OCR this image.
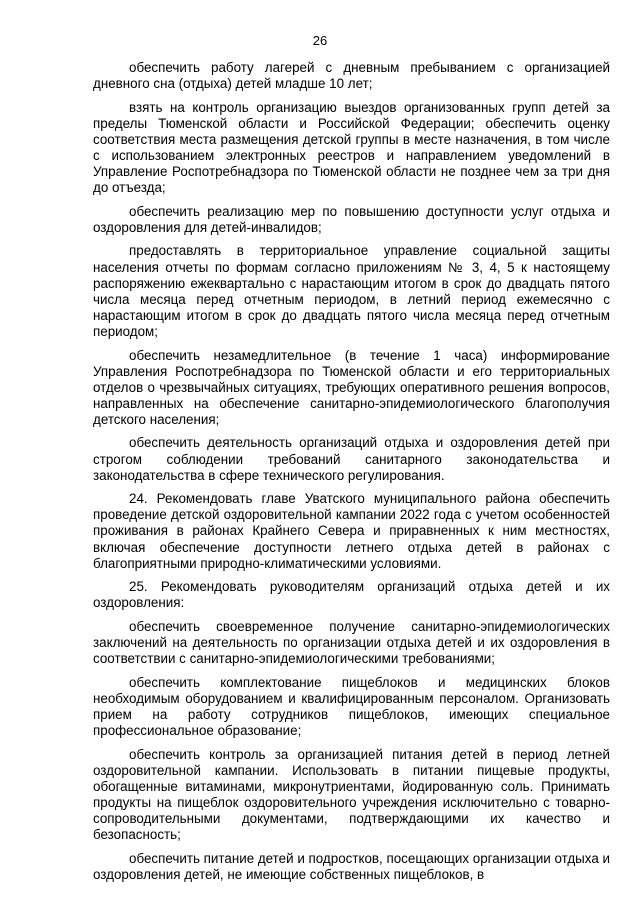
26

обеспечить работу лагерей с дневным пребыванием с организацией дневного сна (отдыха) детей младше 10 лет;

взять на контроль организацию выездов организованных групп детей за пределы Тюменской области и Российской Федерации; обеспечить оценку соответствия места размещения детской группы в месте назначения, в том числе с использованием электронных реестров и направлением уведомлений в Управление Роспотребнадзора по Тюменской области не позднее чем за три дня до отъезда;

обеспечить реализацию мер по повышению доступности услуг отдыха и оздоровления для детей-инвалидов;

предоставлять в территориальное управление социальной защиты населения отчеты по формам согласно приложениям № 3, 4, 5 к настоящему распоряжению ежеквартально с нарастающим итогом в срок до двадцать пятого числа месяца перед отчетным периодом, в летний период ежемесячно с нарастающим итогом в срок до двадцать пятого числа месяца перед отчетным периодом;

обеспечить незамедлительное (в течение 1 часа) информирование Управления Роспотребнадзора по Тюменской области и его территориальных отделов о чрезвычайных ситуациях, требующих оперативного решения вопросов, направленных на обеспечение санитарно-эпидемиологического благополучия детского населения;

обеспечить деятельность организаций отдыха и оздоровления детей при строгом соблюдении требований санитарного законодательства и законодательства в сфере технического регулирования.

24. Рекомендовать главе Уватского муниципального района обеспечить проведение детской оздоровительной кампании 2022 года с учетом особенностей проживания в районах Крайнего Севера и приравненных к ним местностях, включая обеспечение доступности летнего отдыха детей в районах с благоприятными природно-климатическими условиями.

25. Рекомендовать руководителям организаций отдыха детей и их оздоровления:

обеспечить своевременное получение санитарно-эпидемиологических заключений на деятельность по организации отдыха детей и их оздоровления в соответствии с санитарно-эпидемиологическими требованиями;

обеспечить комплектование пищеблоков и медицинских блоков необходимым оборудованием и квалифицированным персоналом. Организовать прием на работу сотрудников пищеблоков, имеющих специальное профессиональное образование;

обеспечить контроль за организацией питания детей в период летней оздоровительной кампании. Использовать в питании пищевые продукты, обогащенные витаминами, микронутриентами, йодированную соль. Принимать продукты на пищеблок оздоровительного учреждения исключительно с товарно-сопроводительными документами, подтверждающими их качество и безопасность;

обеспечить питание детей и подростков, посещающих организации отдыха и оздоровления детей, не имеющие собственных пищеблоков, в
